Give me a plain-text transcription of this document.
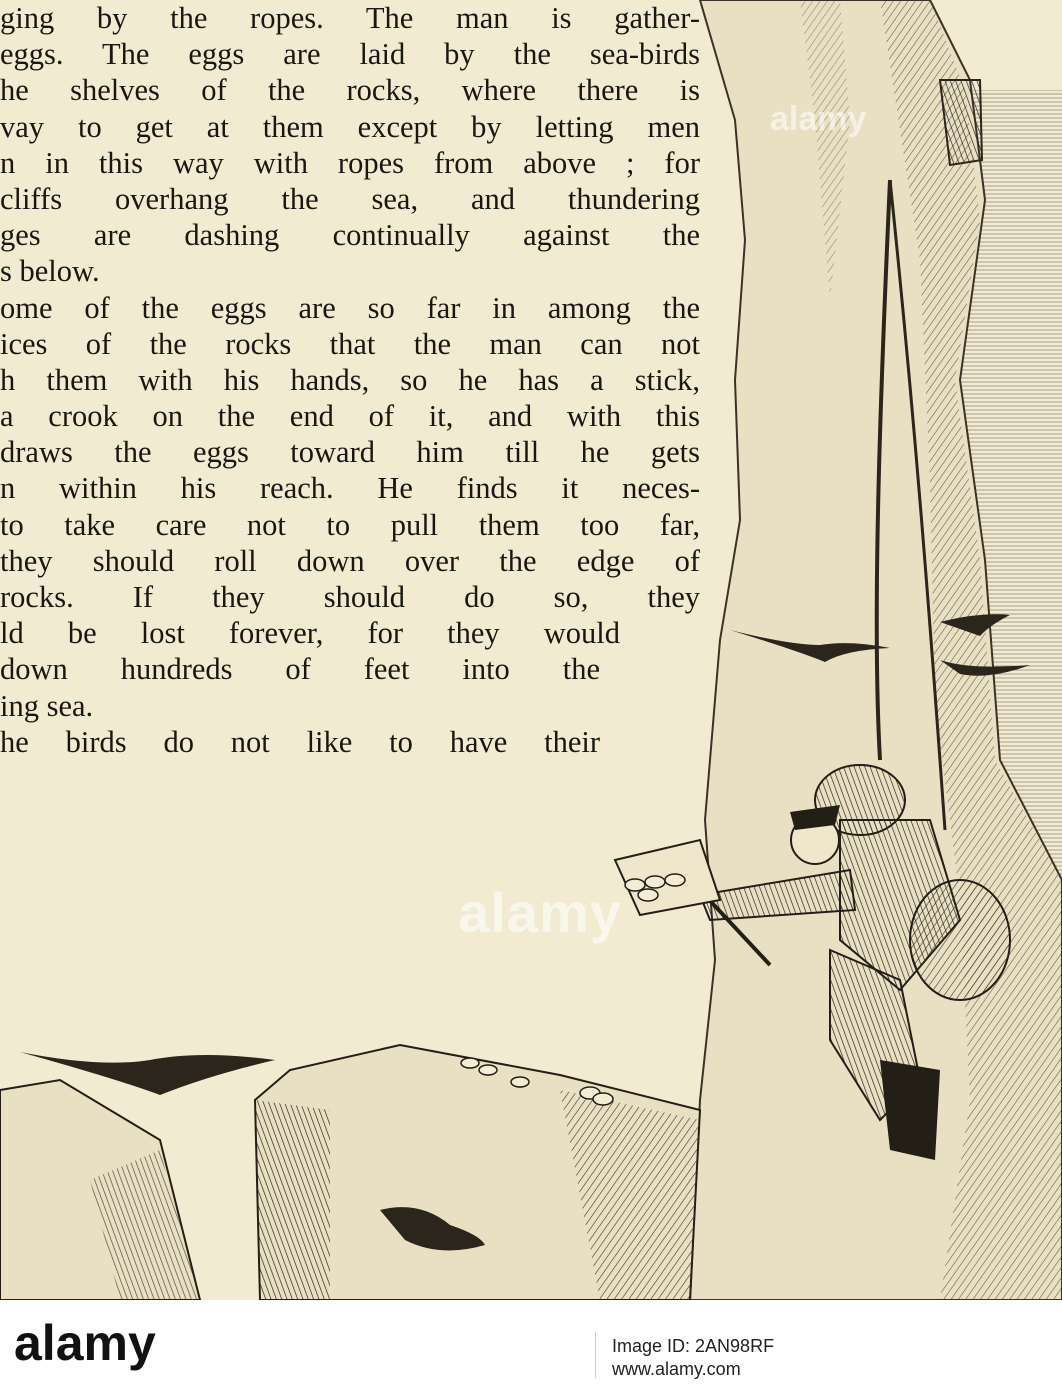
ging by the ropes. The man is gather-
eggs. The eggs are laid by the sea-birds
he shelves of the rocks, where there is
vay to get at them except by letting men
n in this way with ropes from above ; for
cliffs overhang the sea, and thundering
ges are dashing continually against the
s below.
ome of the eggs are so far in among the
ices of the rocks that the man can not
h them with his hands, so he has a stick,
a crook on the end of it, and with this
draws the eggs toward him till he gets
n within his reach. He finds it neces-
to take care not to pull them too far,
they should roll down over the edge of
rocks. If they should do so, they
ld be lost forever, for they would
down hundreds of feet into the
ing sea.
he birds do not like to have their
alamy
alamy
alamy	Image ID: 2AN98RF
www.alamy.com
